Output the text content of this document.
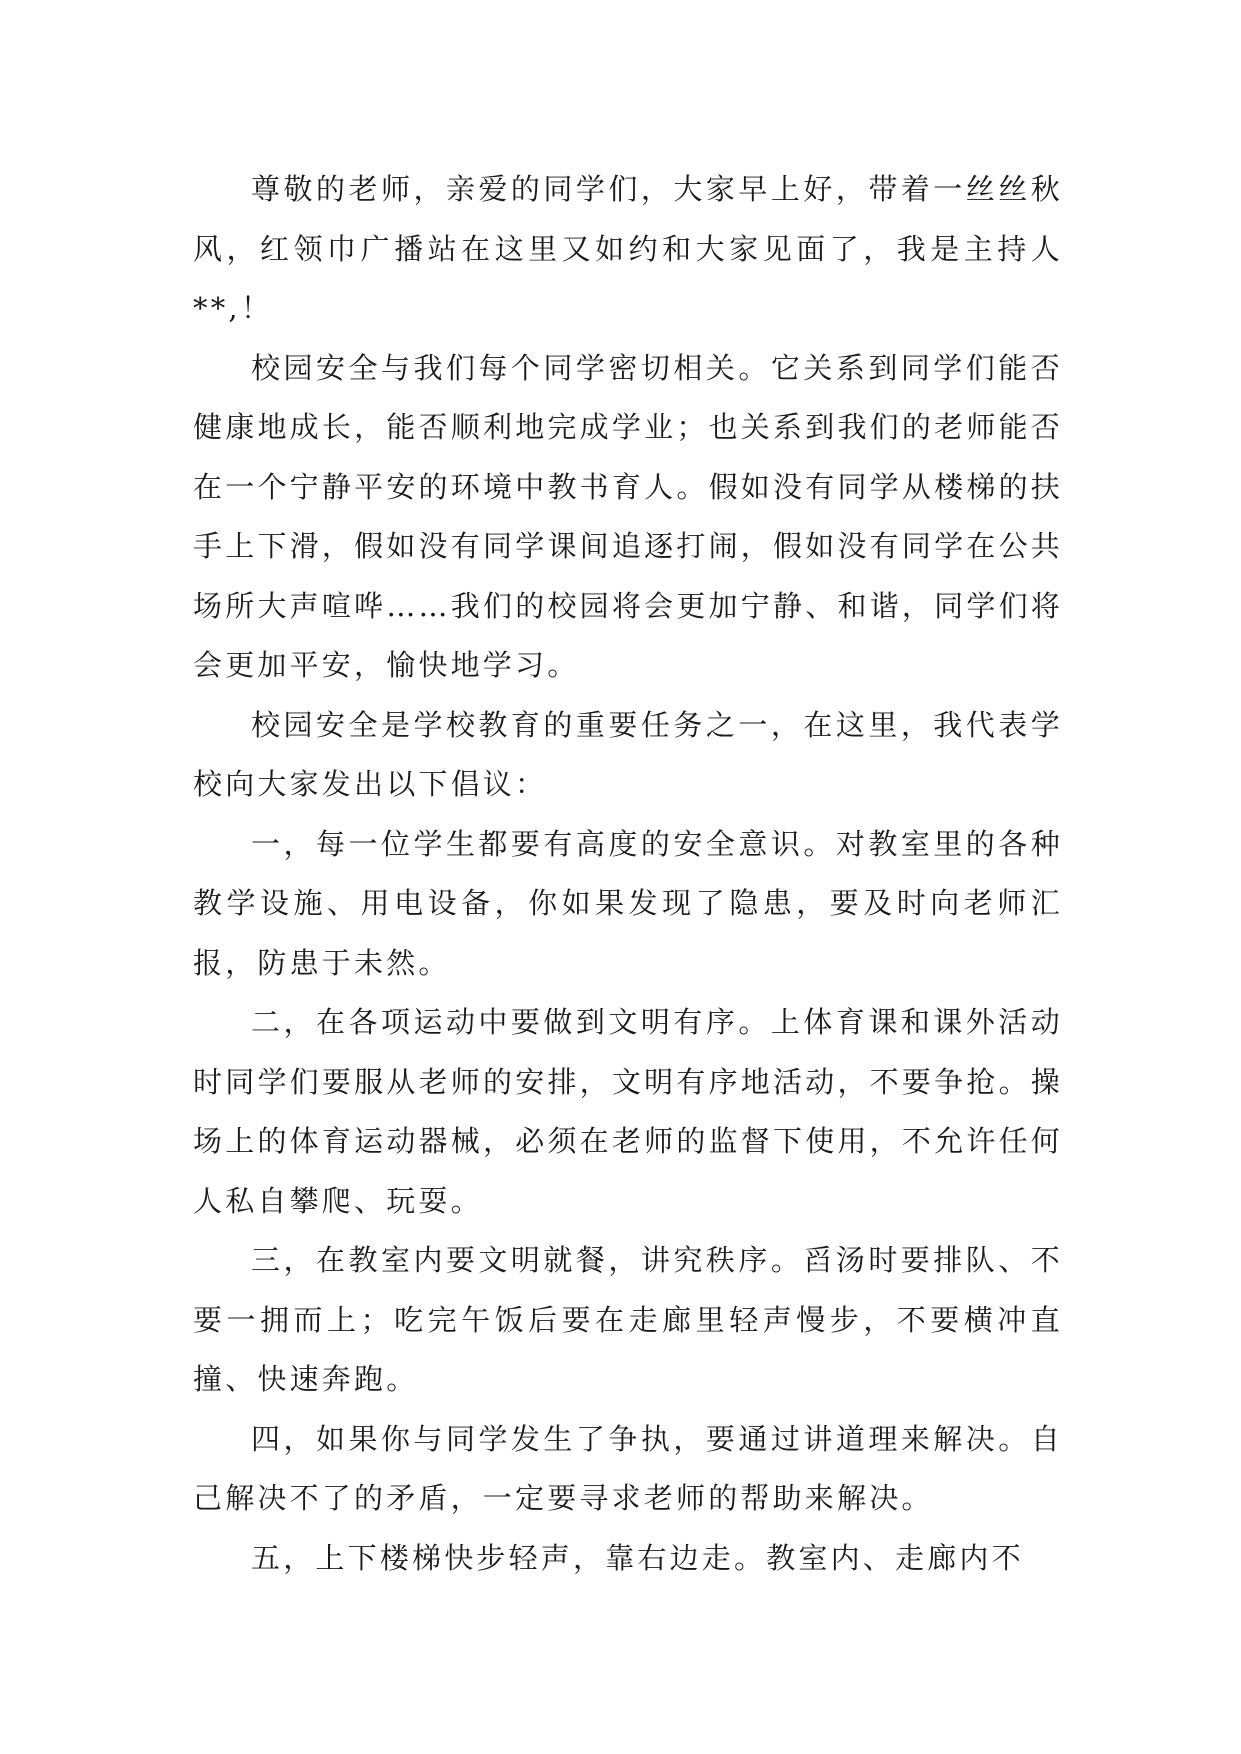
尊敬的老师，亲爱的同学们，大家早上好，带着一丝丝秋风，红领巾广播站在这里又如约和大家见面了，我是主持人**,！

校园安全与我们每个同学密切相关。它关系到同学们能否健康地成长，能否顺利地完成学业；也关系到我们的老师能否在一个宁静平安的环境中教书育人。假如没有同学从楼梯的扶手上下滑，假如没有同学课间追逐打闹，假如没有同学在公共场所大声喧哗……我们的校园将会更加宁静、和谐，同学们将会更加平安，愉快地学习。

校园安全是学校教育的重要任务之一，在这里，我代表学校向大家发出以下倡议：

一，每一位学生都要有高度的安全意识。对教室里的各种教学设施、用电设备，你如果发现了隐患，要及时向老师汇报，防患于未然。

二，在各项运动中要做到文明有序。上体育课和课外活动时同学们要服从老师的安排，文明有序地活动，不要争抢。操场上的体育运动器械，必须在老师的监督下使用，不允许任何人私自攀爬、玩耍。

三，在教室内要文明就餐，讲究秩序。舀汤时要排队、不要一拥而上；吃完午饭后要在走廊里轻声慢步，不要横冲直撞、快速奔跑。

四，如果你与同学发生了争执，要通过讲道理来解决。自己解决不了的矛盾，一定要寻求老师的帮助来解决。

五，上下楼梯快步轻声，靠右边走。教室内、走廊内不
